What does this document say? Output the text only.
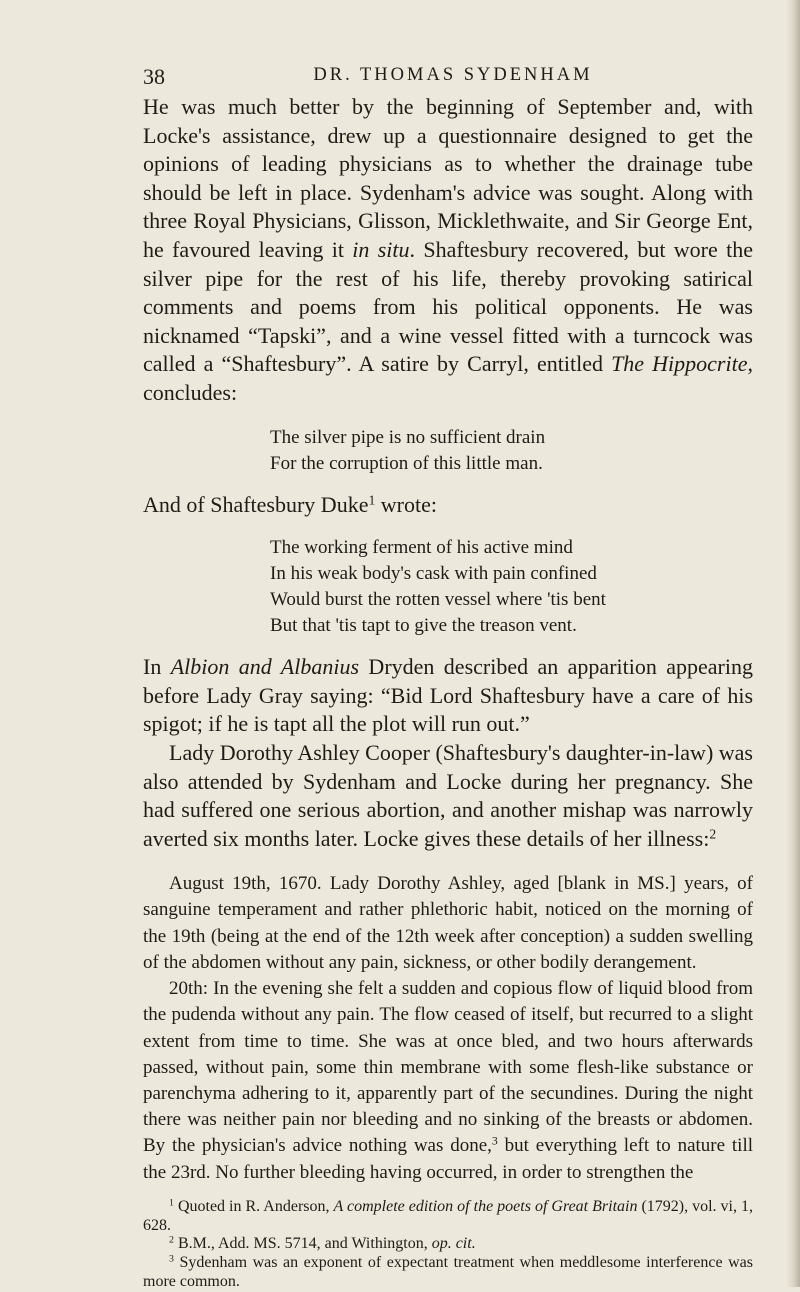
38	DR. THOMAS SYDENHAM

He was much better by the beginning of September and, with Locke's assistance, drew up a questionnaire designed to get the opinions of leading physicians as to whether the drainage tube should be left in place. Sydenham's advice was sought. Along with three Royal Physicians, Glisson, Micklethwaite, and Sir George Ent, he favoured leaving it in situ. Shaftesbury recovered, but wore the silver pipe for the rest of his life, thereby provoking satirical comments and poems from his political opponents. He was nicknamed “Tapski”, and a wine vessel fitted with a turncock was called a “Shaftesbury”. A satire by Carryl, entitled The Hippocrite, concludes:

The silver pipe is no sufficient drain
For the corruption of this little man.

And of Shaftesbury Duke$^1$ wrote:

The working ferment of his active mind
In his weak body's cask with pain confined
Would burst the rotten vessel where 'tis bent
But that 'tis tapt to give the treason vent.

In Albion and Albanius Dryden described an apparition appearing before Lady Gray saying: “Bid Lord Shaftesbury have a care of his spigot; if he is tapt all the plot will run out.”

Lady Dorothy Ashley Cooper (Shaftesbury's daughter-in-law) was also attended by Sydenham and Locke during her pregnancy. She had suffered one serious abortion, and another mishap was narrowly averted six months later. Locke gives these details of her illness:$^2$

August 19th, 1670. Lady Dorothy Ashley, aged [blank in MS.] years, of sanguine temperament and rather phlethoric habit, noticed on the morning of the 19th (being at the end of the 12th week after conception) a sudden swelling of the abdomen without any pain, sickness, or other bodily derangement.

20th: In the evening she felt a sudden and copious flow of liquid blood from the pudenda without any pain. The flow ceased of itself, but recurred to a slight extent from time to time. She was at once bled, and two hours afterwards passed, without pain, some thin membrane with some flesh-like substance or parenchyma adhering to it, apparently part of the secundines. During the night there was neither pain nor bleeding and no sinking of the breasts or abdomen. By the physician's advice nothing was done,$^3$ but everything left to nature till the 23rd. No further bleeding having occurred, in order to strengthen the

$^1$ Quoted in R. Anderson, A complete edition of the poets of Great Britain (1792), vol. vi, 1, 628.

$^2$ B.M., Add. MS. 5714, and Withington, op. cit.

$^3$ Sydenham was an exponent of expectant treatment when meddlesome interference was more common.
